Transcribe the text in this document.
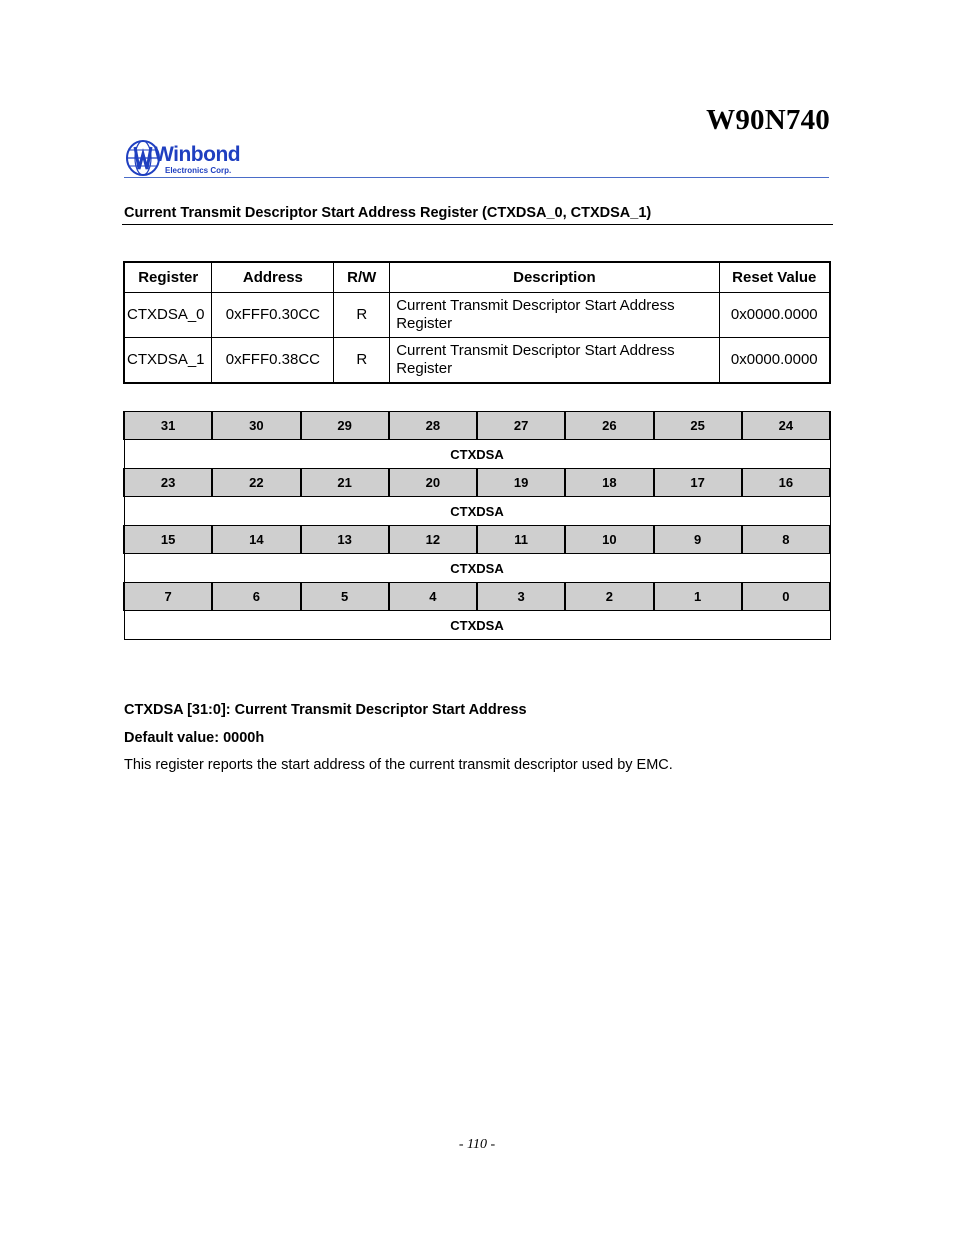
W90N740
Winbond
Electronics Corp.
Current Transmit Descriptor Start Address Register (CTXDSA_0, CTXDSA_1)
Register	Address	R/W	Description	Reset Value
CTXDSA_0	0xFFF0.30CC	R	Current Transmit Descriptor Start Address Register	0x0000.0000
CTXDSA_1	0xFFF0.38CC	R	Current Transmit Descriptor Start Address Register	0x0000.0000
31	30	29	28	27	26	25	24
CTXDSA							
23	22	21	20	19	18	17	16
CTXDSA							
15	14	13	12	11	10	9	8
CTXDSA							
7	6	5	4	3	2	1	0
CTXDSA							
CTXDSA [31:0]: Current Transmit Descriptor Start Address
Default value: 0000h
This register reports the start address of the current transmit descriptor used by EMC.
- 110 -
